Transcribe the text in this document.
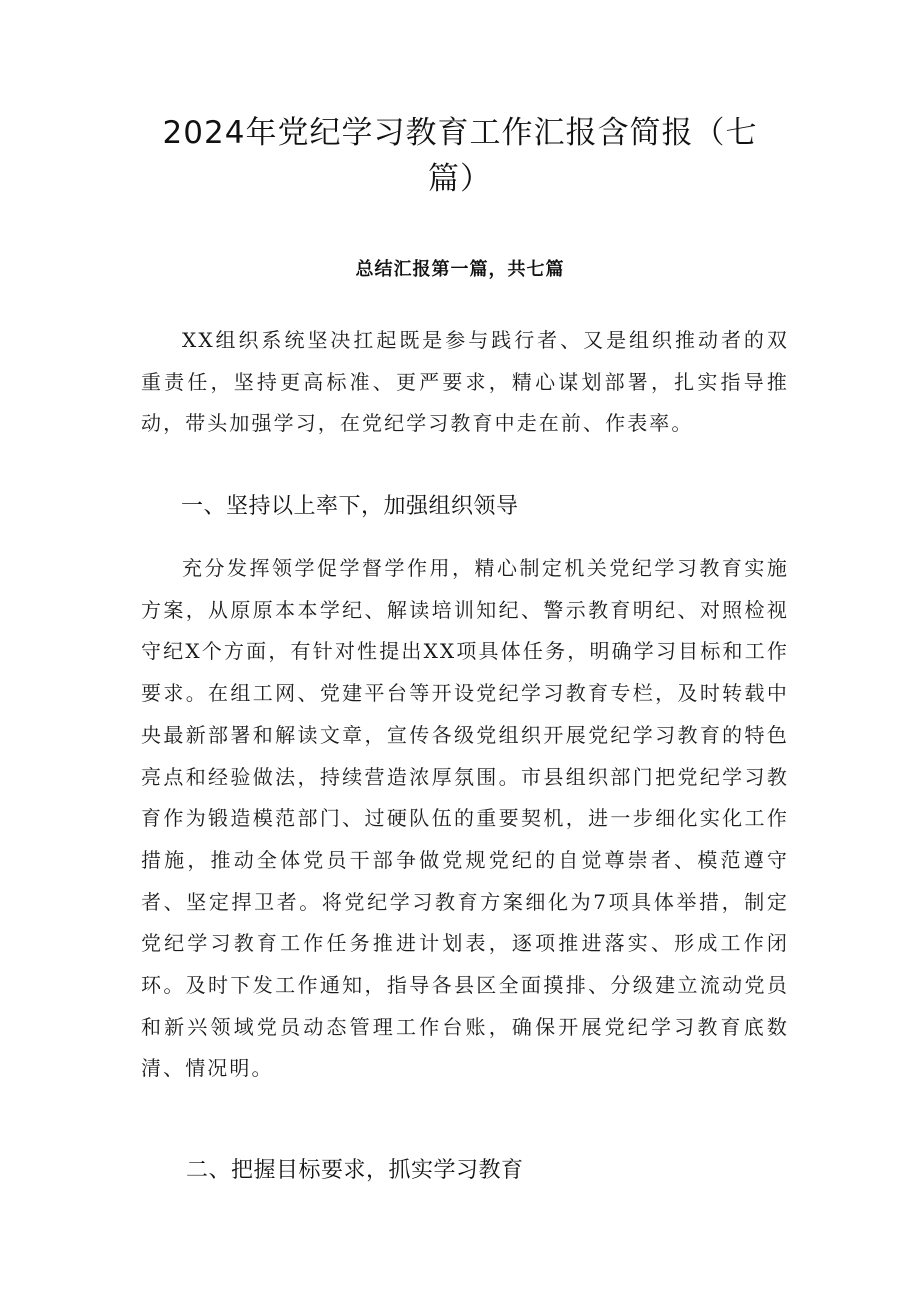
2024年党纪学习教育工作汇报含简报（七篇）
总结汇报第一篇，共七篇

XX组织系统坚决扛起既是参与践行者、又是组织推动者的双重责任，坚持更高标准、更严要求，精心谋划部署，扎实指导推动，带头加强学习，在党纪学习教育中走在前、作表率。

一、坚持以上率下，加强组织领导

充分发挥领学促学督学作用，精心制定机关党纪学习教育实施方案，从原原本本学纪、解读培训知纪、警示教育明纪、对照检视守纪X个方面，有针对性提出XX项具体任务，明确学习目标和工作要求。在组工网、党建平台等开设党纪学习教育专栏，及时转载中央最新部署和解读文章，宣传各级党组织开展党纪学习教育的特色亮点和经验做法，持续营造浓厚氛围。市县组织部门把党纪学习教育作为锻造模范部门、过硬队伍的重要契机，进一步细化实化工作措施，推动全体党员干部争做党规党纪的自觉尊崇者、模范遵守者、坚定捍卫者。将党纪学习教育方案细化为7项具体举措，制定党纪学习教育工作任务推进计划表，逐项推进落实、形成工作闭环。及时下发工作通知，指导各县区全面摸排、分级建立流动党员和新兴领域党员动态管理工作台账，确保开展党纪学习教育底数清、情况明。

二、把握目标要求，抓实学习教育
